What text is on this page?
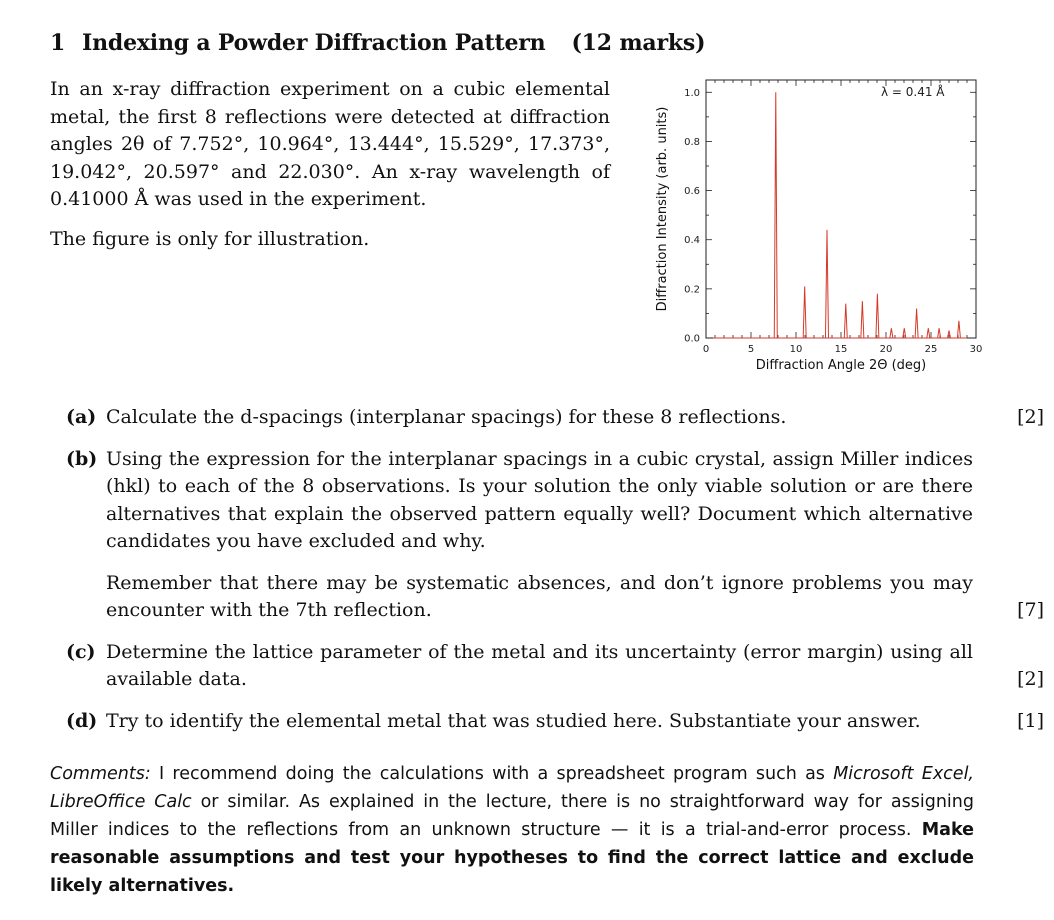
1 Indexing a Powder Diffraction Pattern (12 marks)
In an x-ray diffraction experiment on a cubic elemental metal, the first 8 reflections were detected at diffraction angles 2θ of 7.752°, 10.964°, 13.444°, 15.529°, 17.373°, 19.042°, 20.597° and 22.030°. An x-ray wavelength of 0.41000 Å was used in the experiment.
The figure is only for illustration.
0	5	10	15	20	25	30
0.0
0.2
0.4
0.6
0.8
1.0
Diffraction Angle 2Θ (deg)
Diffraction Intensity (arb. units)
λ = 0.41 Å
(a) Calculate the d-spacings (interplanar spacings) for these 8 reflections.	[2]
(b) Using the expression for the interplanar spacings in a cubic crystal, assign Miller indices (hkl) to each of the 8 observations. Is your solution the only viable solution or are there alternatives that explain the observed pattern equally well? Document which alternative candidates you have excluded and why.

Remember that there may be systematic absences, and don’t ignore problems you may encounter with the 7th reflection.	[7]
(c) Determine the lattice parameter of the metal and its uncertainty (error margin) using all available data.	[2]
(d) Try to identify the elemental metal that was studied here. Substantiate your answer.	[1]
Comments: I recommend doing the calculations with a spreadsheet program such as Microsoft Excel, LibreOffice Calc or similar. As explained in the lecture, there is no straightforward way for assigning Miller indices to the reflections from an unknown structure — it is a trial-and-error process. Make reasonable assumptions and test your hypotheses to find the correct lattice and exclude likely alternatives.
